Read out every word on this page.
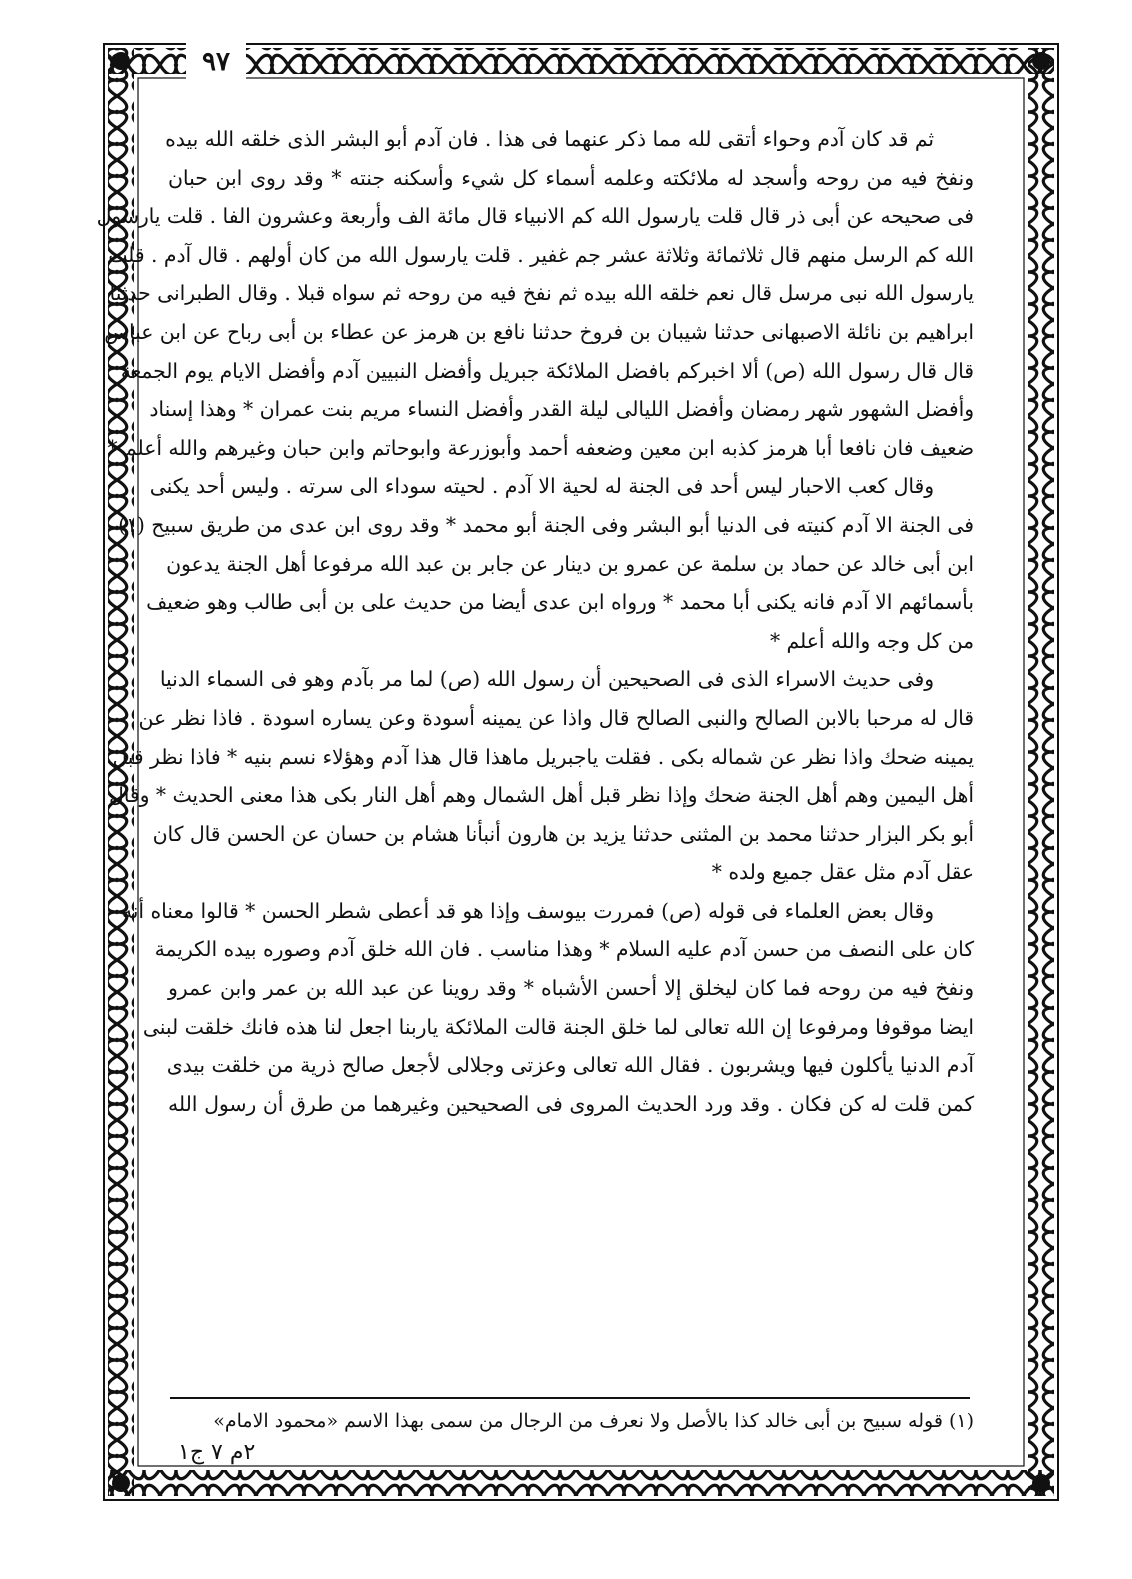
٩٧
ثم قد كان آدم وحواء أتقى لله مما ذكر عنهما فى هذا . فان آدم أبو البشر الذى خلقه الله بيده
ونفخ فيه من روحه وأسجد له ملائكته وعلمه أسماء كل شيء وأسكنه جنته * وقد روى ابن حبان
فى صحيحه عن أبى ذر قال قلت يارسول الله كم الانبياء قال مائة الف وأربعة وعشرون الفا . قلت يارسول
الله كم الرسل منهم قال ثلاثمائة وثلاثة عشر جم غفير . قلت يارسول الله من كان أولهم . قال آدم . قلت
يارسول الله نبى مرسل قال نعم خلقه الله بيده ثم نفخ فيه من روحه ثم سواه قبلا . وقال الطبرانى حدثنا
ابراهيم بن نائلة الاصبهانى حدثنا شيبان بن فروخ حدثنا نافع بن هرمز عن عطاء بن أبى رباح عن ابن عباس
قال قال رسول الله (ص) ألا اخبركم بافضل الملائكة جبريل وأفضل النبيين آدم وأفضل الايام يوم الجمعة
وأفضل الشهور شهر رمضان وأفضل الليالى ليلة القدر وأفضل النساء مريم بنت عمران * وهذا إسناد
ضعيف فان نافعا أبا هرمز كذبه ابن معين وضعفه أحمد وأبوزرعة وابوحاتم وابن حبان وغيرهم والله أعلم *
وقال كعب الاحبار ليس أحد فى الجنة له لحية الا آدم . لحيته سوداء الى سرته . وليس أحد يكنى
فى الجنة الا آدم كنيته فى الدنيا أبو البشر وفى الجنة أبو محمد * وقد روى ابن عدى من طريق سبيح (١)
ابن أبى خالد عن حماد بن سلمة عن عمرو بن دينار عن جابر بن عبد الله مرفوعا أهل الجنة يدعون
بأسمائهم الا آدم فانه يكنى أبا محمد * ورواه ابن عدى أيضا من حديث على بن أبى طالب وهو ضعيف
من كل وجه والله أعلم *
وفى حديث الاسراء الذى فى الصحيحين أن رسول الله (ص) لما مر بآدم وهو فى السماء الدنيا
قال له مرحبا بالابن الصالح والنبى الصالح قال واذا عن يمينه أسودة وعن يساره اسودة . فاذا نظر عن
يمينه ضحك واذا نظر عن شماله بكى . فقلت ياجبريل ماهذا قال هذا آدم وهؤلاء نسم بنيه * فاذا نظر قبل
أهل اليمين وهم أهل الجنة ضحك وإذا نظر قبل أهل الشمال وهم أهل النار بكى هذا معنى الحديث * وقال
أبو بكر البزار حدثنا محمد بن المثنى حدثنا يزيد بن هارون أنبأنا هشام بن حسان عن الحسن قال كان
عقل آدم مثل عقل جميع ولده *
وقال بعض العلماء فى قوله (ص) فمررت بيوسف وإذا هو قد أعطى شطر الحسن * قالوا معناه أنه
كان على النصف من حسن آدم عليه السلام * وهذا مناسب . فان الله خلق آدم وصوره بيده الكريمة
ونفخ فيه من روحه فما كان ليخلق إلا أحسن الأشباه * وقد روينا عن عبد الله بن عمر وابن عمرو
ايضا موقوفا ومرفوعا إن الله تعالى لما خلق الجنة قالت الملائكة ياربنا اجعل لنا هذه فانك خلقت لبنى
آدم الدنيا يأكلون فيها ويشربون . فقال الله تعالى وعزتى وجلالى لأجعل صالح ذرية من خلقت بيدى
كمن قلت له كن فكان . وقد ورد الحديث المروى فى الصحيحين وغيرهما من طرق أن رسول الله
(١) قوله سبيح بن أبى خالد كذا بالأصل ولا نعرف من الرجال من سمى بهذا الاسم «محمود الامام»
٢م ٧ ج١
